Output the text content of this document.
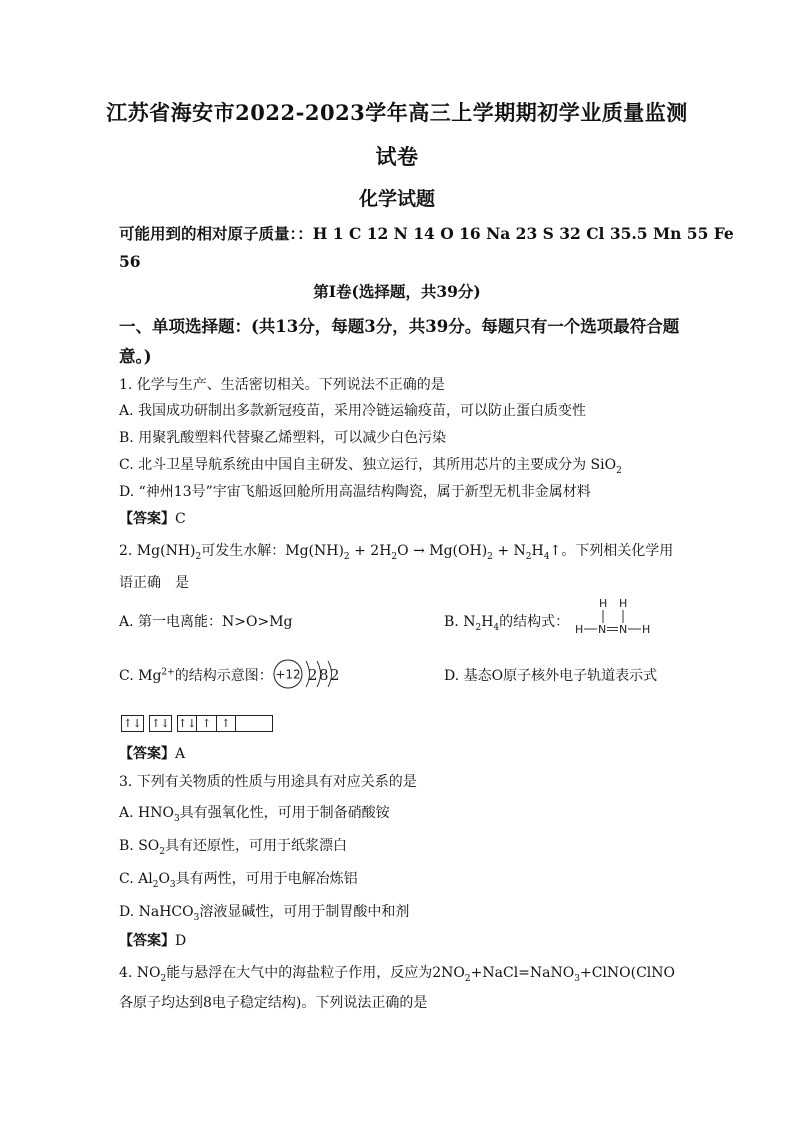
江苏省海安市2022-2023学年高三上学期期初学业质量监测
试卷
化学试题
可能用到的相对原子质量：：H 1 C 12 N 14 O 16 Na 23 S 32 Cl 35.5 Mn 55 Fe
56
第I卷(选择题，共39分)
一、单项选择题：(共13分，每题3分，共39分。每题只有一个选项最符合题
意。)
1. 化学与生产、生活密切相关。下列说法不正确的是
A. 我国成功研制出多款新冠疫苗，采用冷链运输疫苗，可以防止蛋白质变性
B. 用聚乳酸塑料代替聚乙烯塑料，可以减少白色污染
C. 北斗卫星导航系统由中国自主研发、独立运行，其所用芯片的主要成分为 SiO$_2$
D. “神州13号”宇宙飞船返回舱所用高温结构陶瓷，属于新型无机非金属材料
【答案】C
2. $Mg(NH)_2$可发生水解：$Mg(NH)_2 + 2H_2O \to Mg(OH)_2$ + $N_2H_4↑$。下列相关化学用
语正确　是
A. 第一电离能：N>O>Mg	B. $N_2H_4$的结构式：
H H
H N N H
C. $Mg^{2+}$的结构示意图： +12 2 8 2	D. 基态O原子核外电子轨道表示式
↑↓ ↑↓ ↑↓ ↑ ↑
【答案】A
3. 下列有关物质的性质与用途具有对应关系的是
A. $HNO_3$具有强氧化性，可用于制备硝酸铵
B. $SO_2$具有还原性，可用于纸浆漂白
C. $Al_2O_3$具有两性，可用于电解冶炼铝
D. NaHCO$_3$溶液显碱性，可用于制胃酸中和剂
【答案】D
4. $NO_2$能与悬浮在大气中的海盐粒子作用，反应为$2NO_2+NaCl=NaNO_3+ClNO(ClNO$
各原子均达到8电子稳定结构)。下列说法正确的是
